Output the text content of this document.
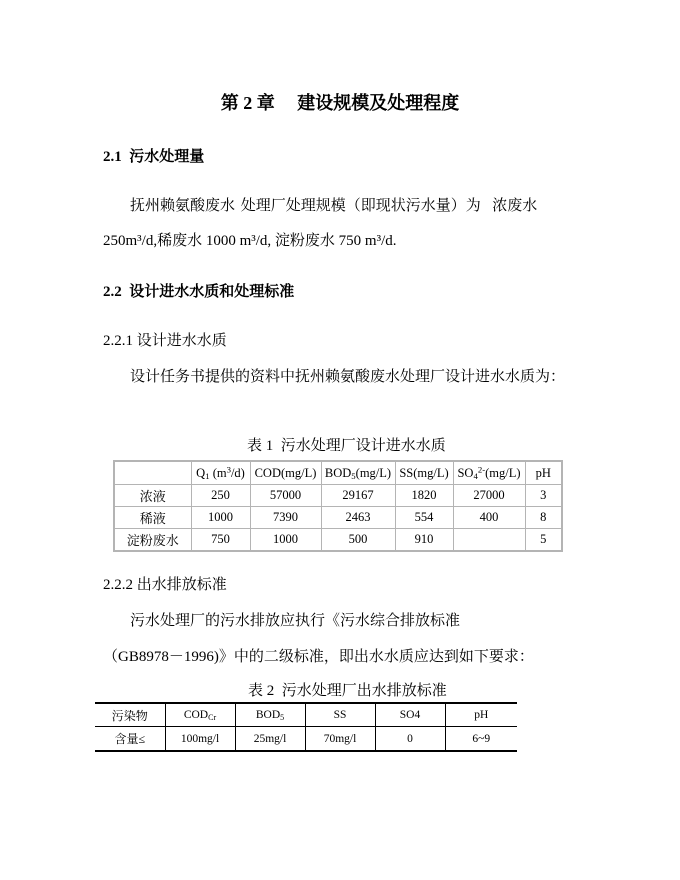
第 2 章　 建设规模及处理程度
2.1  污水处理量
抚州赖氨酸废水 处理厂处理规模（即现状污水量）为  浓废水
250m³/d,稀废水 1000 m³/d, 淀粉废水 750 m³/d.
2.2  设计进水水质和处理标准
2.2.1 设计进水水质
设计任务书提供的资料中抚州赖氨酸废水处理厂设计进水水质为：
表 1  污水处理厂设计进水水质
	$Q_1$ $(m^3/d)$	COD(mg/L)	$BOD_5(mg/L)$	SS(mg/L)	$SO_4^{2-}(mg/L)$	pH
浓液	250	57000	29167	1820	27000	3
稀液	1000	7390	2463	554	400	8
淀粉废水	750	1000	500	910		5
2.2.2 出水排放标准
污水处理厂的污水排放应执行《污水综合排放标准
（GB8978－1996)》中的二级标准，即出水水质应达到如下要求：
表 2  污水处理厂出水排放标准
污染物	$COD_{Cr}$	$BOD_5$	SS	SO4	pH
含量≤	100mg/l	25mg/l	70mg/l	0	6~9
